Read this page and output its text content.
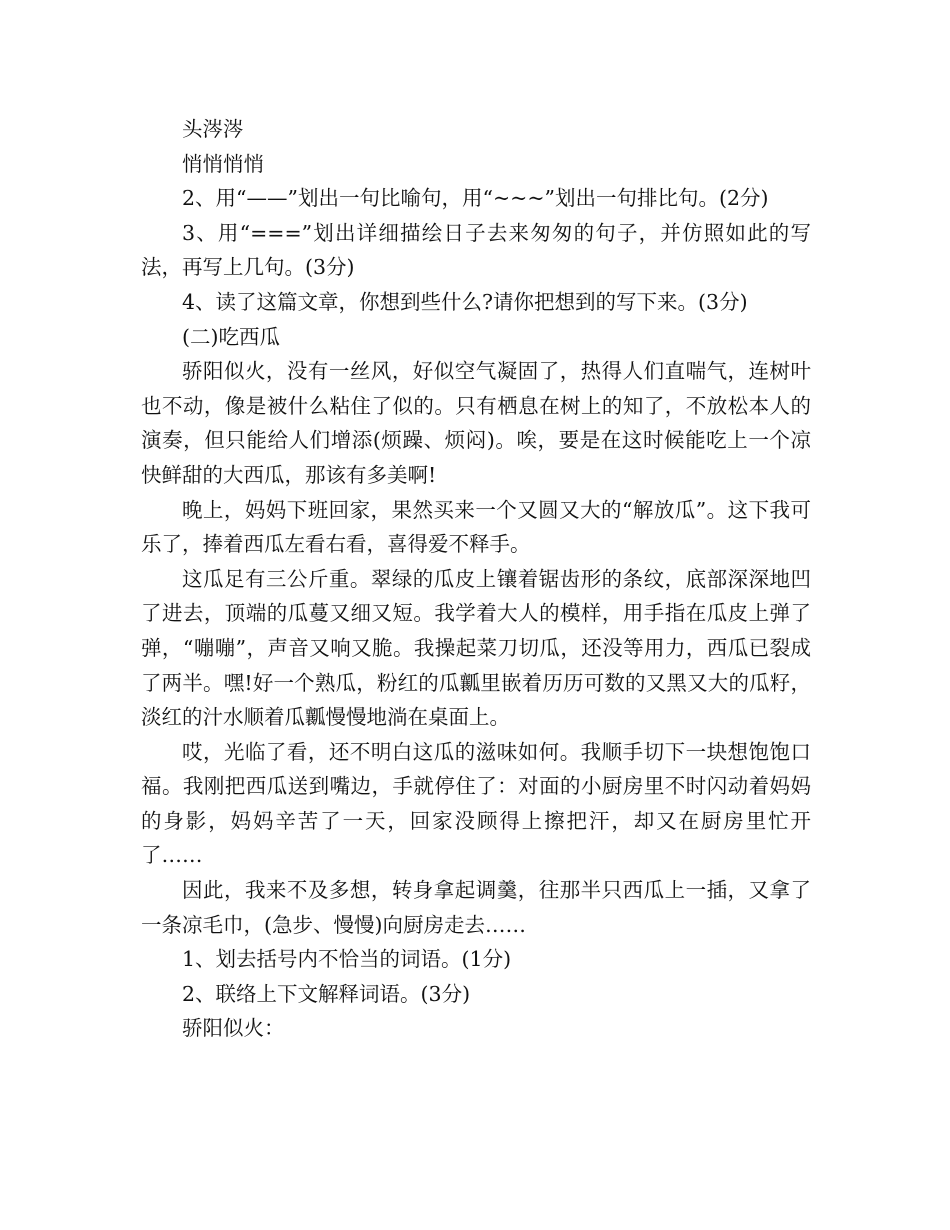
头涔涔

悄悄悄悄

2、用“——”划出一句比喻句，用“~~~”划出一句排比句。(2分)

3、用“===”划出详细描绘日子去来匆匆的句子，并仿照如此的写法，再写上几句。(3分)

4、读了这篇文章，你想到些什么?请你把想到的写下来。(3分)

(二)吃西瓜

骄阳似火，没有一丝风，好似空气凝固了，热得人们直喘气，连树叶也不动，像是被什么粘住了似的。只有栖息在树上的知了，不放松本人的演奏，但只能给人们增添(烦躁、烦闷)。唉，要是在这时候能吃上一个凉快鲜甜的大西瓜，那该有多美啊!

晚上，妈妈下班回家，果然买来一个又圆又大的“解放瓜”。这下我可乐了，捧着西瓜左看右看，喜得爱不释手。

这瓜足有三公斤重。翠绿的瓜皮上镶着锯齿形的条纹，底部深深地凹了进去，顶端的瓜蔓又细又短。我学着大人的模样，用手指在瓜皮上弹了弹，“嘣嘣”，声音又响又脆。我操起菜刀切瓜，还没等用力，西瓜已裂成了两半。嘿!好一个熟瓜，粉红的瓜瓤里嵌着历历可数的又黑又大的瓜籽，淡红的汁水顺着瓜瓤慢慢地淌在桌面上。

哎，光临了看，还不明白这瓜的滋味如何。我顺手切下一块想饱饱口福。我刚把西瓜送到嘴边，手就停住了：对面的小厨房里不时闪动着妈妈的身影，妈妈辛苦了一天，回家没顾得上擦把汗，却又在厨房里忙开了……

因此，我来不及多想，转身拿起调羹，往那半只西瓜上一插，又拿了一条凉毛巾，(急步、慢慢)向厨房走去……

1、划去括号内不恰当的词语。(1分)

2、联络上下文解释词语。(3分)

骄阳似火：
